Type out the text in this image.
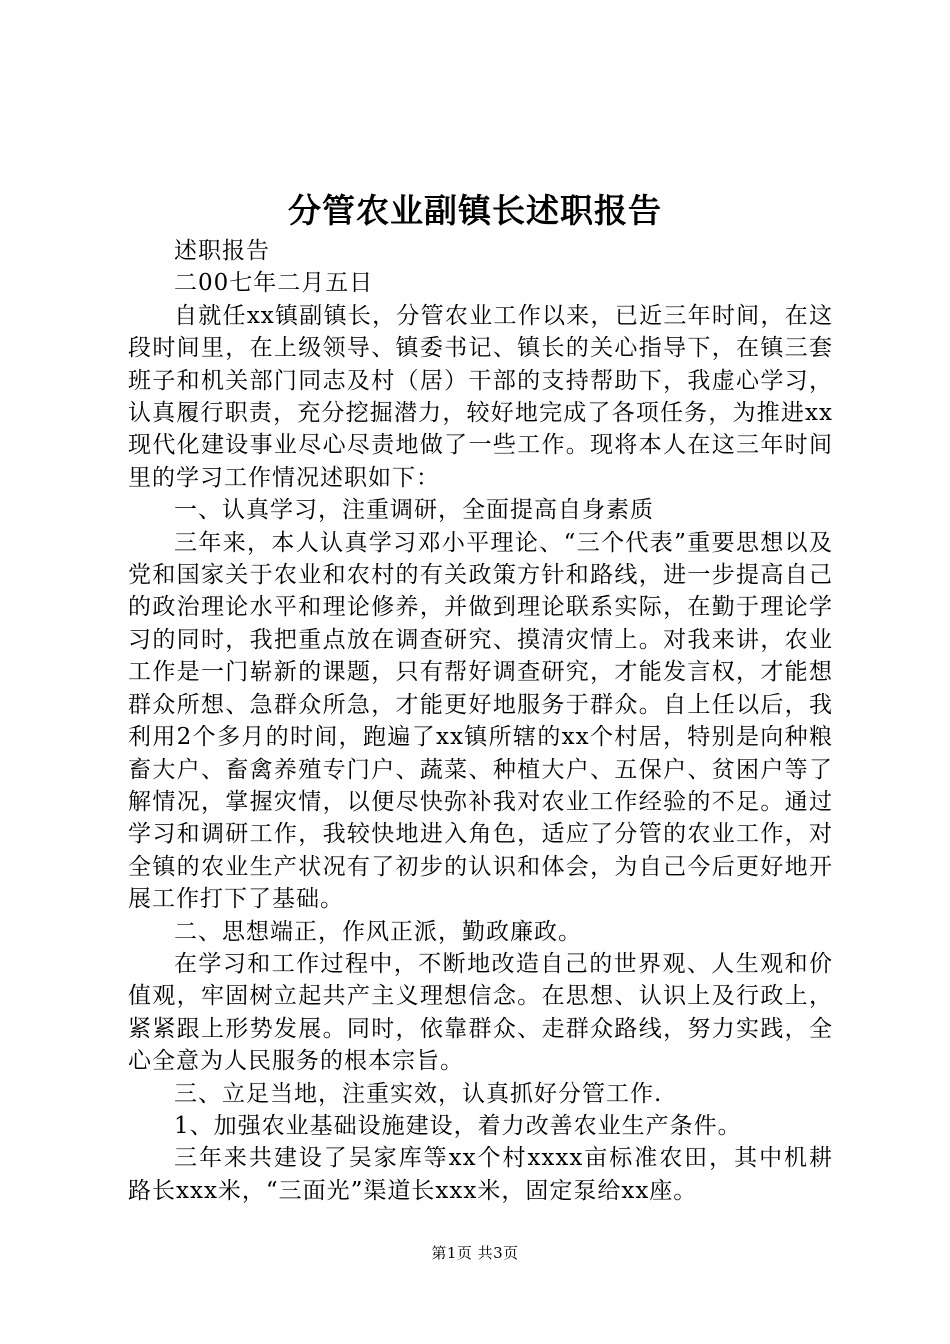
分管农业副镇长述职报告

述职报告

二00七年二月五日

自就任xx镇副镇长，分管农业工作以来，已近三年时间，在这段时间里，在上级领导、镇委书记、镇长的关心指导下，在镇三套班子和机关部门同志及村（居）干部的支持帮助下，我虚心学习，认真履行职责，充分挖掘潜力，较好地完成了各项任务，为推进xx现代化建设事业尽心尽责地做了一些工作。现将本人在这三年时间里的学习工作情况述职如下：

一、认真学习，注重调研，全面提高自身素质

三年来，本人认真学习邓小平理论、“三个代表”重要思想以及党和国家关于农业和农村的有关政策方针和路线，进一步提高自己的政治理论水平和理论修养，并做到理论联系实际，在勤于理论学习的同时，我把重点放在调查研究、摸清灾情上。对我来讲，农业工作是一门崭新的课题，只有帮好调查研究，才能发言权，才能想群众所想、急群众所急，才能更好地服务于群众。自上任以后，我利用2个多月的时间，跑遍了xx镇所辖的xx个村居，特别是向种粮畜大户、畜禽养殖专门户、蔬菜、种植大户、五保户、贫困户等了解情况，掌握灾情，以便尽快弥补我对农业工作经验的不足。通过学习和调研工作，我较快地进入角色，适应了分管的农业工作，对全镇的农业生产状况有了初步的认识和体会，为自己今后更好地开展工作打下了基础。

二、思想端正，作风正派，勤政廉政。

在学习和工作过程中，不断地改造自己的世界观、人生观和价值观，牢固树立起共产主义理想信念。在思想、认识上及行政上，紧紧跟上形势发展。同时，依靠群众、走群众路线，努力实践，全心全意为人民服务的根本宗旨。

三、立足当地，注重实效，认真抓好分管工作.

1、加强农业基础设施建设，着力改善农业生产条件。

三年来共建设了吴家库等xx个村xxxx亩标准农田，其中机耕路长xxx米，“三面光”渠道长xxx米，固定泵给xx座。

第1页 共3页
